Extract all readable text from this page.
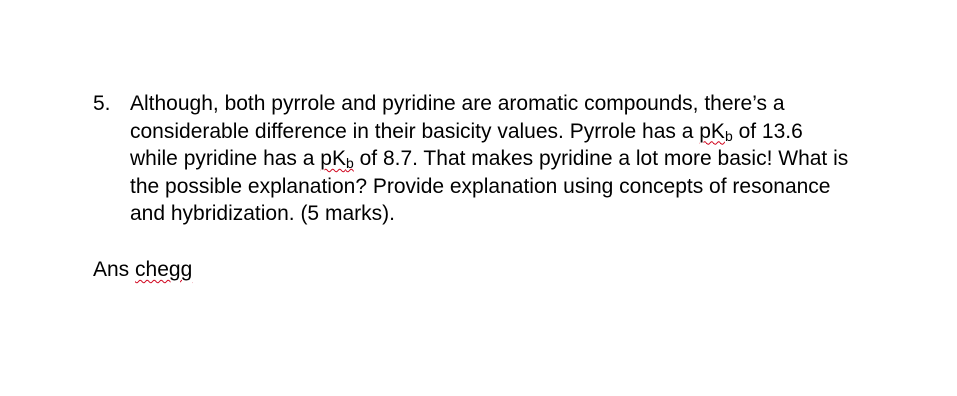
5. Although, both pyrrole and pyridine are aromatic compounds, there’s a
considerable difference in their basicity values. Pyrrole has a $pK_b$ of 13.6
while pyridine has a $pK_b$ of 8.7. That makes pyridine a lot more basic! What is
the possible explanation? Provide explanation using concepts of resonance
and hybridization. (5 marks).
Ans chegg
